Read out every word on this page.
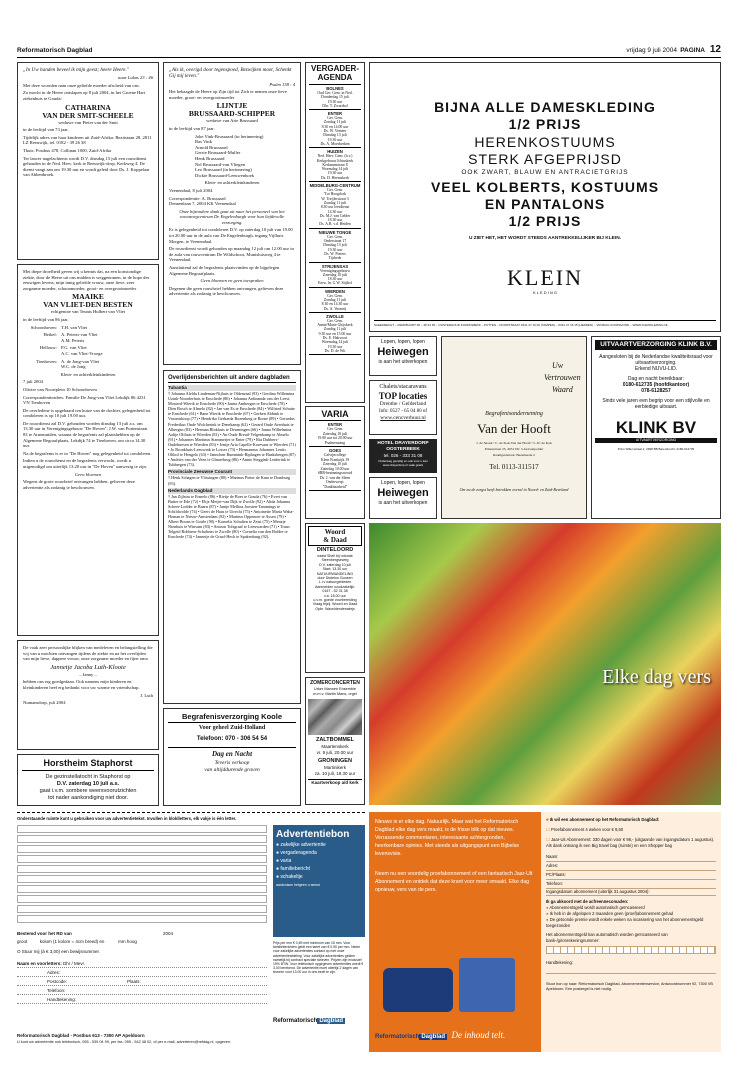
Reformatorisch Dagblad	vrijdag 9 juli 2004 PAGINA 12

„In Uw handen beveel ik mijn geest; heere Heere."

naar Lukas 23 : 46

Met deze woorden nam onze geliefde moeder afscheid van ons.

Zo mocht in de Heere ontslapen op 8 juli 2004, in het Groene Hart ziekenhuis te Gouda:

CATHARINA
VAN DER SMIT-SCHEELE

weduwe van Pieter van der Smit

in de leeftijd van 73 jaar.

Tijdelijk adres van haar kinderen uit Zuid-Afrika: Bezitstaan 28, 2811 LZ Reeuwijk, tel. 0182 - 39 26 38

Thuis: Postbus 478, Collinan 1000, Zuid-Afrika

Ter lancer nagelachtenis wordt D.V. dinsdag 13 juli een rouwdienst gehouden in de Ned. Herv. kerk te Reeuwijk-dorp, Kerkweg 4. De dienst vangt aan om 19.30 uur en wordt geleid door Ds. J. Koppelaar van Abbenbroek.

Met diepe droefheid geven wij u kennis dat, na een kortstondige ziekte, door de Heere uit ons midden is weggenomen, in de hope des eeuwigen levens, mijn innig geliefde vrouw, onze lieve, zeer zorgzame moeder, schoonmoeder, groot- en overgrootmoeder

MAAIKE
VAN VLIET-DEN BESTEN

echtgenote van Teunis Hulbert van Vliet

in de leeftijd van 86 jaar.

Schoonhoven: T.H. van Vliet
Heikel: A. Peteris-van Vliet
A.M. Peteris
Hellouw: P.G. van Vliet
A.C. van Vliet-Vroege
Tienhoven: A. de Jong-van Vliet
W.C. de Jong

Klein- en achterkleinkinderen

7 juli 2004

Olivier van Noortplein 10 Schoonhoven

Correspondentieadres: Familie De Jong-van Vliet Lekdijk 86 4231 VN Tienhoven

De overledene is opgebaard ten huize van de dochter, gelegenheid tot condoleren is op 10 juli 19.00 uur.

De rouwdienst zal D.V. gehouden worden dinsdag 13 juli a.s. om 13.30 uur in Verenigingsgebouw "De Hoven", J.W. van Puttenstraat 83 te Arnemuiden, waarna de begrafenis zal plaatshebben op de Algemene Begraafplaats, Lekdijk 74 te Tienhoven, om circa 14.30 uur.

Na de begrafenis is er in "De Hoven" nog gelegenheid tot condoleren.

Indien u de rouwdienst en de begrafenis verwacht, wordt u uitgenodigd om uiterlijk 13.20 uur in "De Hoven" aanwezig te zijn.

Geen bloemen

Wegens de grote rouwbrief ontvangen hebben, gelieven deze advertentie als zodanig te beschouwen.

De vaak zeer persoonlijke blijken van medeleven en belangstelling die wij van u mochten ontvangen tijdens de ziekte en na het overlijden van mijn lieve, dappere vrouw, onze zorgzame moeder en fijne oma

Jannetje Jacoba Luth-Kloote

– Janny –

hebben ons erg goedgedaan. Ook namens mijn kinderen en kleinkinderen heel erg bedankt voor uw warme en vriendschap.

J. Luth

Numansdorp, juli 2004

Horstheim Staphorst
De gezinstellatocht in Staphorst op
D.V. zaterdag 10 juli a.s.
gaat i.v.m. sombere weersvoorutzichten
tot nader aankondiging niet door.

„Als ik, overigd door tegenspoed, Bezwijken moet, Schenkt Gij mij leven."

Psalm 138 : 4

Het behaagde de Heere op Zijn tijd tot Zich te nemen onze lieve moeder, groot- en overgrootmoeder

LIJNTJE
BRUSSAARD-SCHIPPER

weduwe van Arie Brussaard

in de leeftijd van 87 jaar.

Joke Vink-Brussaard (in herinnering)
Bas Vink
Arnold Brussaard
Gerrie Brussaard-Muller
Henk Brussaard
Nel Brussaard-van Vliegen
Leo Brussaard (in herinnering)
Dickie Brussaard-Leeuwenhoek

Klein- en achterkleinkinderen

Veenendaal, 8 juli 2004

Correspondentie: A. Brussaard
Dennenlaan 7, 2004 KK Veenendaal

Onze bijzondere dank gaat uit naar het personeel van het woonzorgcentrum De Engelenburgh voor hun liefdevolle verzorging.

Er is gelegenheid tot condoleren D.V. op zaterdag 10 juli van 19.00 tot 20.00 uur in de aula van De Engelenburgh, ingang Vijfhuis Morgen, te Veenendaal.

De rouwdienst wordt gehouden op maandag 12 juli om 12.00 uur in de aula van rouwcentrum De Wildschoot, Muntsluisweg 4 te Veenendaal.

Aansluitend zal de begrafenis plaatsvinden op de bijgelegen Algemene Begraafplaats.

Geen bloemen en geen toespraken

Degenen die geen rouwbrief hebben ontvangen, gelieven deze advertentie als zodanig te beschouwen.

Overlijdensberichten uit andere dagbladen
Tubantia
† Johanna Alelda Lindeman-Nijhuis te Oldenzaal (93) • Gerdina Willemina Uzink-Noorderhuis te Enschede (86) • Johanna Ardinanda van der Leest, Mosterd-Wierik te Enschede (90) • Janna Ambergen te Enschede (78) • Dien Bosch te Almelo (82) • Jan van Es te Enschede (84) • Wilfried Schutte te Enschede (61) • Bane Wierik te Enschede (67) • Gerben Abbink te Vroomshoop (77) • Hendrika Gerharda Rozenberg te Borne (89) • Gerardus Frederikus Onde Wolcherink te Denekamp (62) • Gerard Oude Avenhuis te Albergen (83) • Herman Blokhuis te Deurningen (66) • Janna Wilhelmina Aaltje Olthuis te Wierden (81) • An Oude Breuil-Velgenkamp te Almelo (91) • Johannes Martinus Stammeijer te Enter (79) • Ria Dubbers-Oudehuesen te Wierden (83) • Jentje Aria Capelle-Korevaar te Wierden (71) • Jo Bronkhuis-Leeuwink te Losser (73) • Hermannus Johannes Leuiis Olthof te Hengelo (63) • Jannchen Rummink-Riphagen te Haaksbergen (87) • Andries van der Veen te Glanerbrug (86) • Annie Steggink-Lenferink te Tubbergen (73).
Provinciale Zeeuwse Courant
† Henk Schagen te Vlissingen (80) • Marinus Pieter de Kam te Domburg (93).
Nederlands Dagblad
† Jan Zijlstra te Ermelo (86) • Rietje de Boer te Gouda (76) • Evert van Butter te Ede (72) • Eltje Meijer-van Dijk te Zwolle (92) • Alida Johanna Scheer-Lodder te Baarn (87) • Jantje Mellina Joosten-Tammings te Schildwolde (74) • Geert de Haas te Utrecht (75) • Antoinette Maria Waha-Homan te Nieuw-Amsterdam (92) • Marinus Oppenoer te Assen (79) • Albert Boons te Goirle (90) • Kornelis Schulten te Zeist (75) • Menzje Nienhuis te Winsum (83) • Antoon Tolsgraaf te Leeuwarden (71) • Truus Telgeid Robbens-Scholtens te Zwolle (80) • Cornelia van den Bolder te Enschede (74) • Jannetje de Graaf-Heck te Spakenburg (92).
Begrafenisverzorging Koole
Voor geheel Zuid-Holland
Telefoon: 070 - 306 54 54
Dag en Nacht
Teveris verkoop
van altijddurende graven
VERGADER-AGENDA
BOLNES
Oud Ger. Gem. in Ned.
Donderdag 15 juli
19.30 uur
Dhr. T. Zwartbol
ENTER
Ger. Gem.
Zondag 11 juli
8.30 en 14.00 uur
Ds. W. Vemeer
Dinsdag 13 juli
19.30 uur
Ds. A. Moerkerken
HUIZEN
Ned. Herv. Gem. (h.v.)
Kerkgebouw Ichtuskerk
Kerkmanstraat 8
Woensdag 14 juli
19.30 uur
Ds. D. Heemskerk
MIDDELBURG-CENTRUM
Ger. Gem.
'Tot Hoogdork
W. Treijlerstraat 3
Zondag 11 juli
8.30 uur leesdienst
14.30 uur
Ds. M.J. van Gelder
18.30 uur
Ds. A.B. v.d. Heiden
NIEUWE TONGE
Ger. Gem.
Onderstraat 17
Dinsdag 13 juli
19.30 uur
Ds. W. Pieters
Tijdrede
STRIJENSAS
Verenigingsgebouw
Zaterdag 10 juli
18.30 uur
Eerw. hr. G.W. Stijbof
WIERDEN
Ger. Gem.
Zondag 11 juli
8.30 en 14.30 uur
Ds. A. Vermeij
ZWOLLE
Ger. Gem.
Annie/Marie Ghijskerk
Zondag 11 juli
9.30 uur en 15.00 uur
Ds. E. Hakvoort
Woensdag 14 juli
19.30 uur
Ds. D. de Wit
VARIA
ENTER
Ger. Gem.
Zaterdag 10 juli
19.00 uur tot 20.00 uur
Psalmenzang
GOES
Calvijncollege
Klein Frankrijk 19
Zaterdag 10 juli
Zaterdag 10.00 uur
SRB-bezinningswoord
Ds. J. van der Sleen
Onderwerp:
"Dankbaarheid"
BIJNA ALLE DAMESKLEDING
1/2 PRIJS
HERENKOSTUUMS
STERK AFGEPRIJSD
OOK ZWART, BLAUW EN ANTRACIETGRIJS
VEEL KOLBERTS, KOSTUUMS
EN PANTALONS
1/2 PRIJS
U ZIET HET, HET WORDT STEEDS AANTREKKELIJKER BIJ KLEIN.
KLEIN
K L E D I N G
SLEEDRECHT – KERKBUURT 38 – 48 34 35 – OOSTERHOUD KOORNWERK – PUTTEN – DOORSTRAAT 0341 37 16 00 (TAMPEN) – 0341 37 16 15 (HERDEN) – VRIJDAG KOOPAVOND – WWW.KLEINKLEDING.NL
Lopen, lopen, lopen
Heiwegen
is aan het uitverkopen
Chalets/stacaravans
TOP locaties
Drenthe / Gelderland
Info: 0527 - 65 04 80 of
www.cencverhuur.nl
HOTEL DRAYERDORP
OOSTERBEEK
tel. 026 - 333 31 08
Onderweg gezellig en ook voor u kan www.drayerdorp.nl vaak gratis
Lopen, lopen, lopen
Heiwegen
is aan het uitverkopen
Uw
Vertrouwen
Waard
Begrafenisonderneming
Van der Hooft
J. de Snoek • C. de Kok-Van der Hooft • C.W. de Kok
Prinsestraat 25, 4051 DC 's-Gravenpolder
Raamgeststraat: Beesmeede 2
Tel. 0113-311517
Om nu de zorgst heeft betrokken overal in Noord- en Zuid-Beveland
UITVAARTVERZORGING KLINK B.V.
Aangesloten bij de Nederlandse kwaliteitsraad voor uitvaartverzorging.
Erkend NUVU-LID.
Dag en nacht bereikbaar:
0180-612735 (hoofdkantoor)
078-6128257
Sinds vele jaren een begrip voor een stijlvolle en eerbiedige uitvaart.
KLINK BV
UITVAARTVERZORGING
Prins Willemstraat 2, 2998 BB Barendrecht, 0180-612735
Elke dag vers
Woord
& Daad
DINTELOORD
naast Shell bij rotonde Steenbergseweg
D.V. zaterdag 10 juli
Start: 13.30 uur
NATUURWANDELING
door Dinteloo Goozen
L.i.v natuurgebieden
Aanmelden noodzakelijk:
0167 - 52 31 38
v.a. 18.00 uur
u.v.m. goede voorbereiding
Vraag bijzij. Woord en Daad
Opbr. Waceidendenwiejs
ZOMERCONCERTEN
Urker Mannen Ensemble
m.m.v. Martin Mans, orgel
ZALTBOMMEL
Maartenskerk
vr. 9 juli, 20.00 uur
GRONINGEN
Martinikerk
za. 10 juli, 19.30 uur
Kaartverkoop a/d kerk
Onderstaande ruimte kunt u gebruiken voor uw advertentietekst. Invullen in bloklletters, elk vakje is één letter.
Advertentiebon
● zakelijke advertentie
● vergaderagenda
● varia
● familiebericht
● schakeltje
aankruisen hetgeen u wenst
Bestemd voor het RD van	2004
groot          kolom (1 kolom = 4cm breed) en           mm hoog
O Stuur mij (à € 3,00) een bewijsnummer.
Naam en voorletters: Dhr / Mevr.
Adres:
Postcode:	Plaats:
Telefoon:
Handtekening:
Prijs per mm € 0,69 met minimum van 15 mm. Voor familieberichten geldt een tarief van € 0,90 per mm. Neem voor zakelijke advertenties contact op met onze advertentieafdeling. Voor zakelijke advertenties gelden namelijk bij contract speciale tarieven. Prijzen zijn exclusief 19% BTW. Voor telefonisch opgegeven advertenties wordt € 3,00 berekend. De advertentie moet uiterlijk 2 dagen van tevoren voor 13.00 uur in ons bezit te zijn.
Reformatorisch Dagblad
Reformatorisch Dagblad - Postbus 613 - 7300 AP Apeldoorn
U kunt uw advertentie ook telefonisch, 055 - 539 04 99, per fax, 055 - 542 48 02, of per e-mail, adverteren@refdag.nl, opgeven.

Nieuws is er elke dag. Natuurlijk. Maar wat het Reformatorisch Dagblad elke dag vers maakt, is de frisse blik op dat nieuws. Verrassende commentaren, interessante achtergronden, heerkenbare opinies. Met steeds als uitgangspunt een Bijbelse levensvisie.

Neem nu een voordelig proefabonnement of een fantastisch Jaar-Uit Abonnement en ontdek dat deze krant voor meer smaakt. Elke dag opnieuw, vers van de pers.

Reformatorisch Dagblad De inhoud telt.
■ Ik wil een abonnement op het Reformatorisch Dagblad:
☐ Proefabonnement 4 weken voor € 9,50
☐ Jaar-Uit Abonnement: 330 dagen voor € 96,- (uitgaande van ingangsdatum 1 augustus). Als dank ontvang ik een Big travel bag (ruimte) en een Shopper bag
Naam:
Adres:
PC/Plaats:
Telefoon:
Ingangsdatum abonnement (uiterlijk 31 augustus 2004):
Ik ga akkoord met de acfreennecomaden:
● Abonnementsgeld wordt automatisch geïncasseerd
● Ik heb in de afgelopen 2 maanden geen (proef)abonnement gehad
● De getoonde premie wordt enkele weken na incassering van het abonnementsgeld toegezonden
Het abonnementsgeld kan automatisch worden geïncasseerd van bank-/gironrekeningnummer:
Handtekening:
Stuur bon op naar: Reformatorisch Dagblad, Abonnementenservice, Antwoordnummer 92, 7300 VB Apeldoorn. Een postzegel is niet nodig.
